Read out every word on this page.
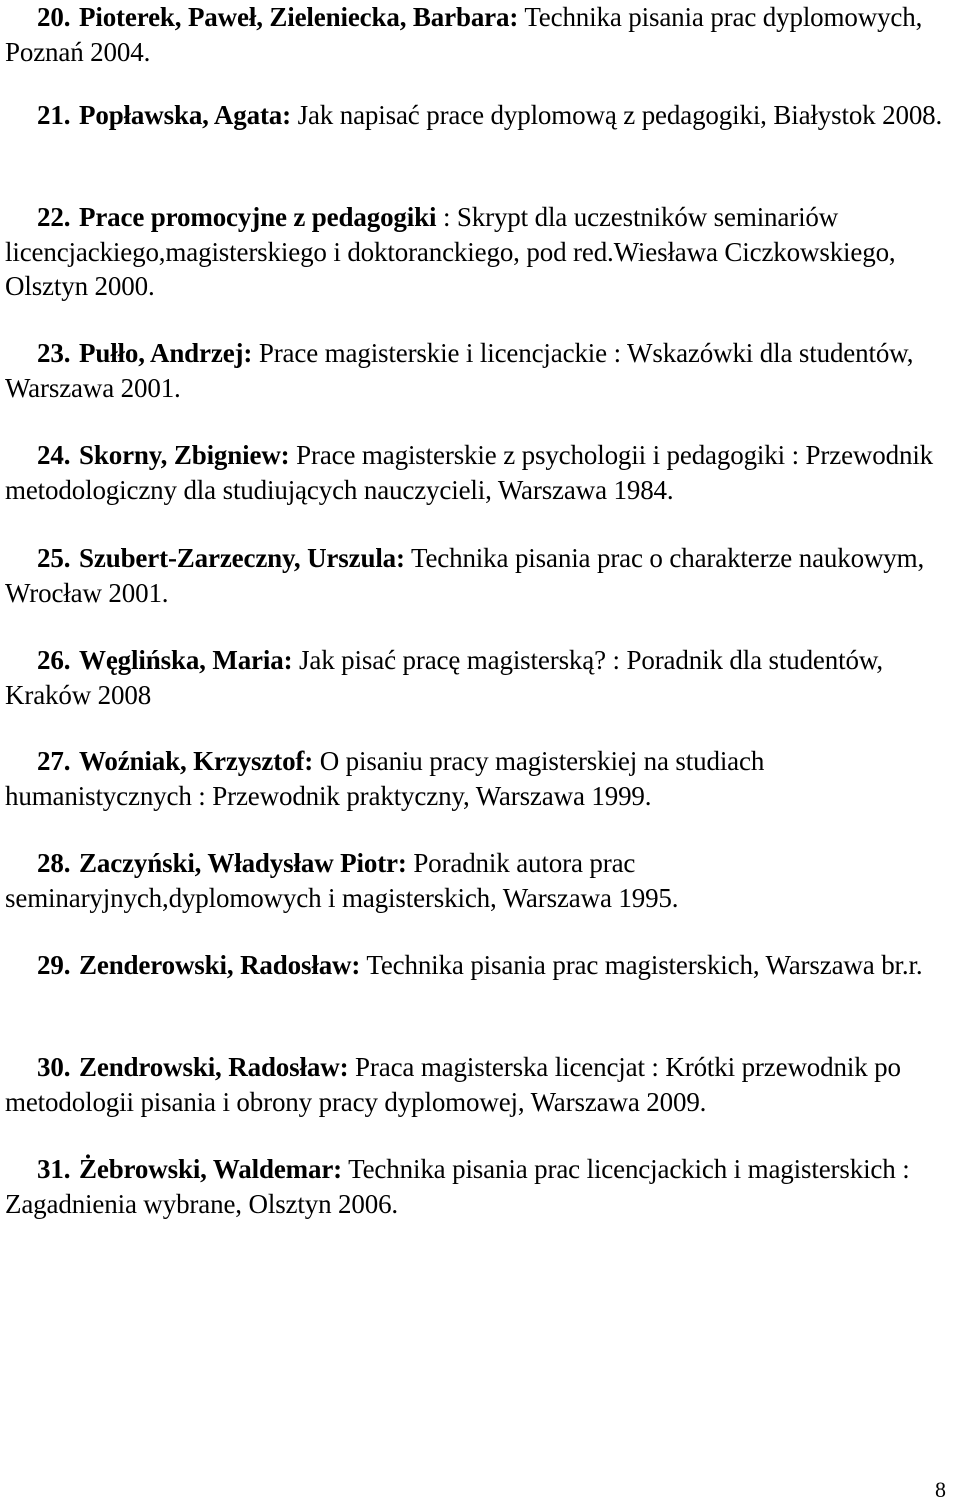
20. Pioterek, Paweł, Zieleniecka, Barbara: Technika pisania prac dyplomowych, Poznań 2004.
21. Popławska, Agata: Jak napisać prace dyplomową z pedagogiki, Białystok 2008.
22. Prace promocyjne z pedagogiki : Skrypt dla uczestników seminariów licencjackiego,magisterskiego i doktoranckiego, pod red.Wiesława Ciczkowskiego, Olsztyn 2000.
23. Pułło, Andrzej: Prace magisterskie i licencjackie : Wskazówki dla studentów, Warszawa 2001.
24. Skorny, Zbigniew: Prace magisterskie z psychologii i pedagogiki : Przewodnik metodologiczny dla studiujących nauczycieli, Warszawa 1984.
25. Szubert-Zarzeczny, Urszula: Technika pisania prac o charakterze naukowym, Wrocław 2001.
26. Węglińska, Maria: Jak pisać pracę magisterską? : Poradnik dla studentów, Kraków 2008
27. Woźniak, Krzysztof: O pisaniu pracy magisterskiej na studiach humanistycznych : Przewodnik praktyczny, Warszawa 1999.
28. Zaczyński, Władysław Piotr: Poradnik autora prac seminaryjnych,dyplomowych i magisterskich, Warszawa 1995.
29. Zenderowski, Radosław: Technika pisania prac magisterskich, Warszawa br.r.
30. Zendrowski, Radosław: Praca magisterska licencjat : Krótki przewodnik po metodologii pisania i obrony pracy dyplomowej, Warszawa 2009.
31. Żebrowski, Waldemar: Technika pisania prac licencjackich i magisterskich : Zagadnienia wybrane, Olsztyn 2006.
8
